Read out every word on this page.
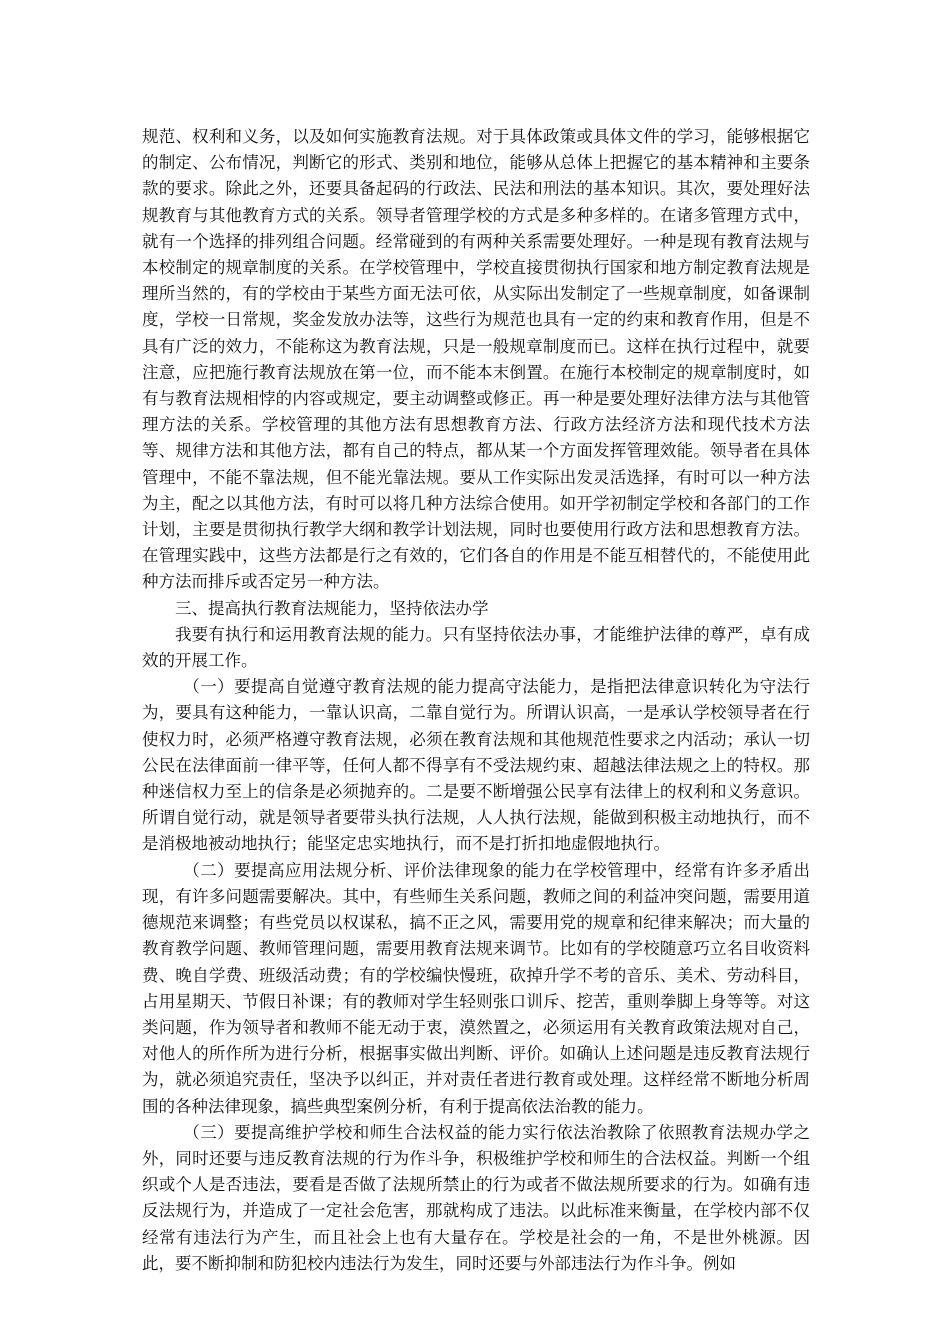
规范、权利和义务，以及如何实施教育法规。对于具体政策或具体文件的学习，能够根据它的制定、公布情况，判断它的形式、类别和地位，能够从总体上把握它的基本精神和主要条款的要求。除此之外，还要具备起码的行政法、民法和刑法的基本知识。其次，要处理好法规教育与其他教育方式的关系。领导者管理学校的方式是多种多样的。在诸多管理方式中，就有一个选择的排列组合问题。经常碰到的有两种关系需要处理好。一种是现有教育法规与本校制定的规章制度的关系。在学校管理中，学校直接贯彻执行国家和地方制定教育法规是理所当然的，有的学校由于某些方面无法可依，从实际出发制定了一些规章制度，如备课制度，学校一日常规，奖金发放办法等，这些行为规范也具有一定的约束和教育作用，但是不具有广泛的效力，不能称这为教育法规，只是一般规章制度而已。这样在执行过程中，就要注意，应把施行教育法规放在第一位，而不能本末倒置。在施行本校制定的规章制度时，如有与教育法规相悖的内容或规定，要主动调整或修正。再一种是要处理好法律方法与其他管理方法的关系。学校管理的其他方法有思想教育方法、行政方法经济方法和现代技术方法等、规律方法和其他方法，都有自己的特点，都从某一个方面发挥管理效能。领导者在具体管理中，不能不靠法规，但不能光靠法规。要从工作实际出发灵活选择，有时可以一种方法为主，配之以其他方法，有时可以将几种方法综合使用。如开学初制定学校和各部门的工作计划，主要是贯彻执行教学大纲和教学计划法规，同时也要使用行政方法和思想教育方法。在管理实践中，这些方法都是行之有效的，它们各自的作用是不能互相替代的，不能使用此种方法而排斥或否定另一种方法。

三、提高执行教育法规能力，坚持依法办学

我要有执行和运用教育法规的能力。只有坚持依法办事，才能维护法律的尊严，卓有成效的开展工作。

（一）要提高自觉遵守教育法规的能力提高守法能力，是指把法律意识转化为守法行为，要具有这种能力，一靠认识高，二靠自觉行为。所谓认识高，一是承认学校领导者在行使权力时，必须严格遵守教育法规，必须在教育法规和其他规范性要求之内活动；承认一切公民在法律面前一律平等，任何人都不得享有不受法规约束、超越法律法规之上的特权。那种迷信权力至上的信条是必须抛弃的。二是要不断增强公民享有法律上的权利和义务意识。所谓自觉行动，就是领导者要带头执行法规，人人执行法规，能做到积极主动地执行，而不是消极地被动地执行；能坚定忠实地执行，而不是打折扣地虚假地执行。

（二）要提高应用法规分析、评价法律现象的能力在学校管理中，经常有许多矛盾出现，有许多问题需要解决。其中，有些师生关系问题，教师之间的利益冲突问题，需要用道德规范来调整；有些党员以权谋私，搞不正之风，需要用党的规章和纪律来解决；而大量的教育教学问题、教师管理问题，需要用教育法规来调节。比如有的学校随意巧立名目收资料费、晚自学费、班级活动费；有的学校编快慢班，砍掉升学不考的音乐、美术、劳动科目，占用星期天、节假日补课；有的教师对学生轻则张口训斥、挖苦，重则拳脚上身等等。对这类问题，作为领导者和教师不能无动于衷，漠然置之，必须运用有关教育政策法规对自己，对他人的所作所为进行分析，根据事实做出判断、评价。如确认上述问题是违反教育法规行为，就必须追究责任，坚决予以纠正，并对责任者进行教育或处理。这样经常不断地分析周围的各种法律现象，搞些典型案例分析，有利于提高依法治教的能力。

（三）要提高维护学校和师生合法权益的能力实行依法治教除了依照教育法规办学之外，同时还要与违反教育法规的行为作斗争，积极维护学校和师生的合法权益。判断一个组织或个人是否违法，要看是否做了法规所禁止的行为或者不做法规所要求的行为。如确有违反法规行为，并造成了一定社会危害，那就构成了违法。以此标准来衡量，在学校内部不仅经常有违法行为产生，而且社会上也有大量存在。学校是社会的一角，不是世外桃源。因此，要不断抑制和防犯校内违法行为发生，同时还要与外部违法行为作斗争。例如
